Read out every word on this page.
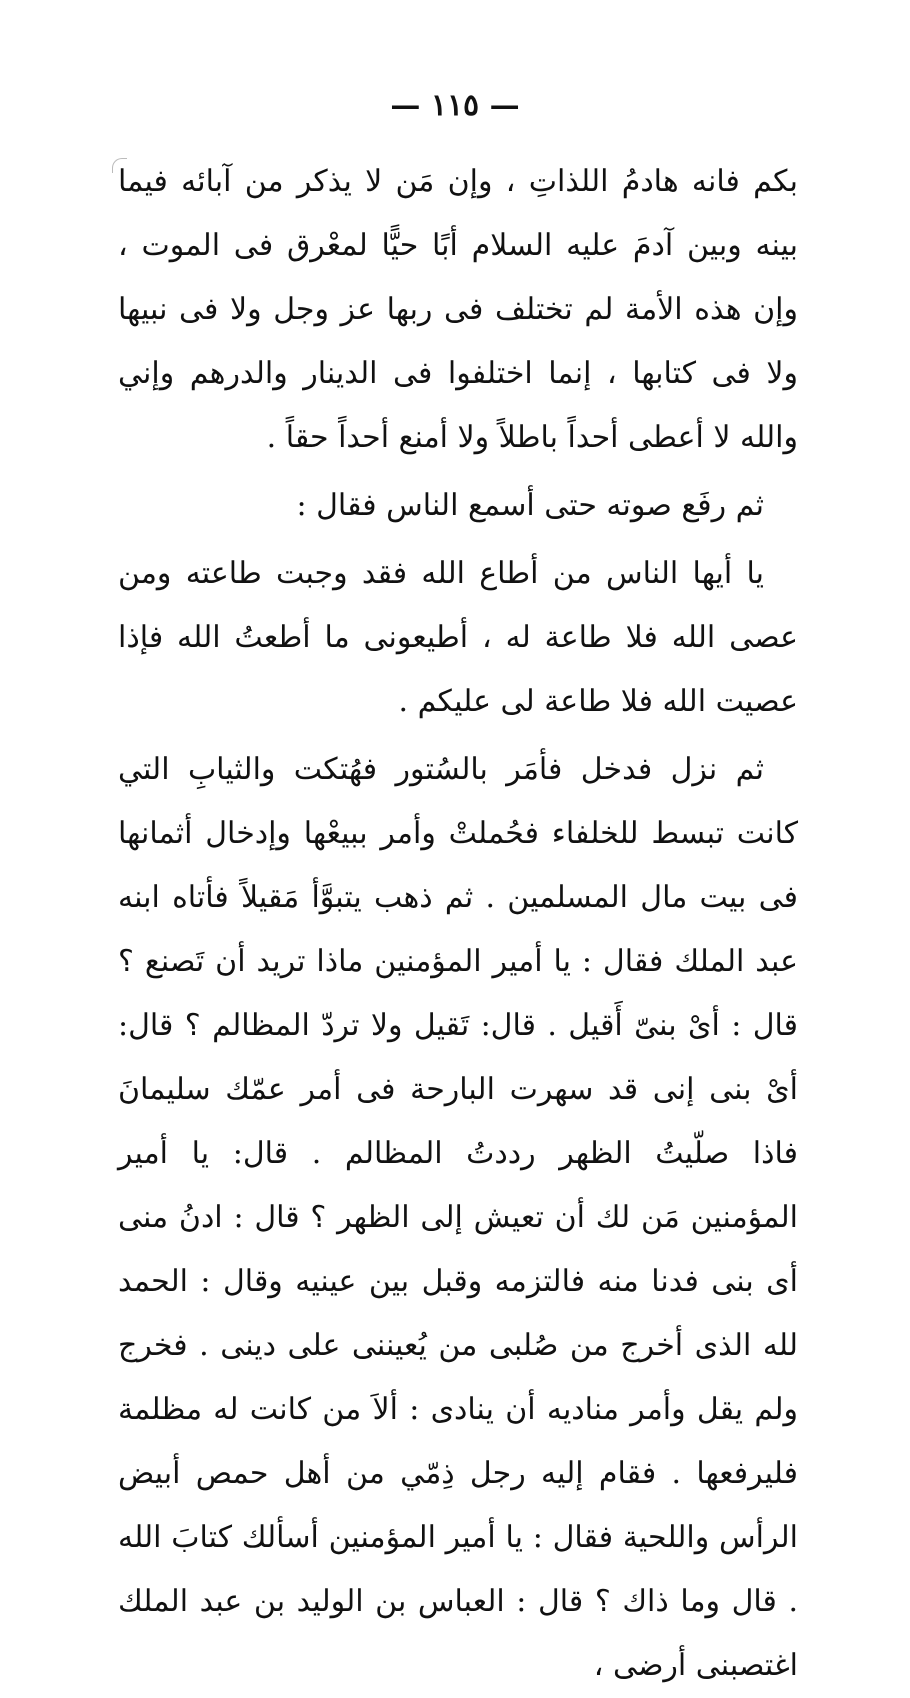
— ١١٥ —

بكم فانه هادمُ اللذاتِ ، وإن مَن لا يذكر من آبائه فيما بينه وبين آدمَ عليه السلام أبًا حيًّا لمعْرق فى الموت ، وإن هذه الأمة لم تختلف فى ربها عز وجل ولا فى نبيها ولا فى كتابها ، إنما اختلفوا فى الدينار والدرهم وإني والله لا أعطى أحداً باطلاً ولا أمنع أحداً حقاً .

ثم رفَع صوته حتى أسمع الناس فقال :

يا أيها الناس من أطاع الله فقد وجبت طاعته ومن عصى الله فلا طاعة له ، أطيعونى ما أطعتُ الله فإذا عصيت الله فلا طاعة لى عليكم .

ثم نزل فدخل فأمَر بالسُتور فهُتكت والثيابِ التي كانت تبسط للخلفاء فحُملتْ وأمر ببيعْها وإدخال أثمانها فى بيت مال المسلمين . ثم ذهب يتبوَّأ مَقيلاً فأتاه ابنه عبد الملك فقال : يا أمير المؤمنين ماذا تريد أن تَصنع ؟ قال : أىْ بنىّ أَقيل . قال: تَقيل ولا تردّ المظالم ؟ قال: أىْ بنى إنى قد سهرت البارحة فى أمر عمّك سليمانَ فاذا صلّيتُ الظهر رددتُ المظالم . قال: يا أمير المؤمنين مَن لك أن تعيش إلى الظهر ؟ قال : ادنُ منى أى بنى فدنا منه فالتزمه وقبل بين عينيه وقال : الحمد لله الذى أخرج من صُلبى من يُعيننى على دينى . فخرج ولم يقل وأمر مناديه أن ينادى : ألاَ من كانت له مظلمة فليرفعها . فقام إليه رجل ذِمّي من أهل حمص أبيض الرأس واللحية فقال : يا أمير المؤمنين أسألك كتابَ الله . قال وما ذاك ؟ قال : العباس بن الوليد بن عبد الملك اغتصبنى أرضى ،
